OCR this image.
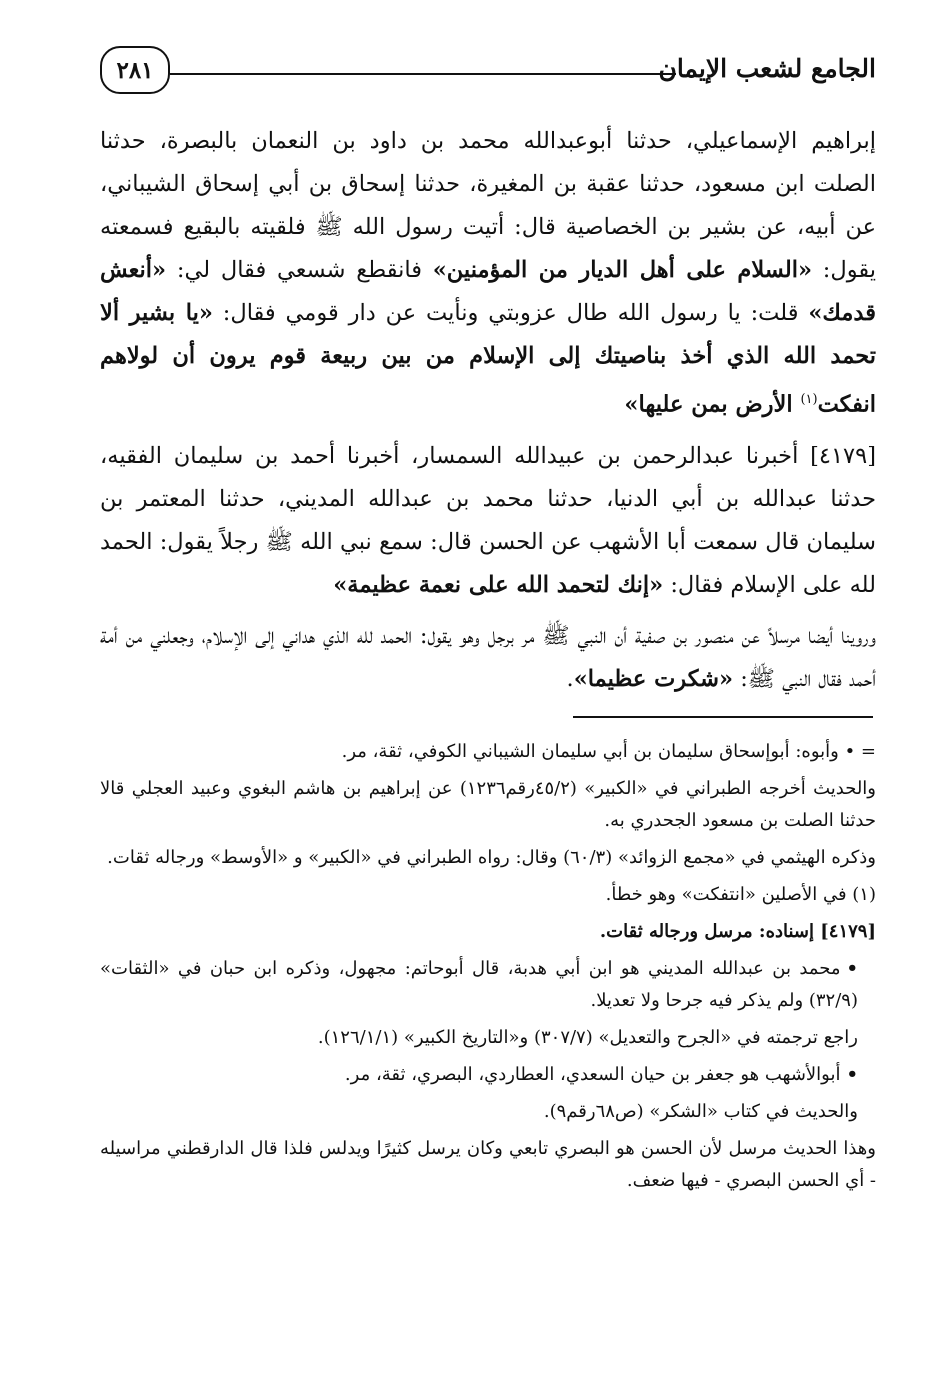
الجامع لشعب الإيمان
٢٨١

إبراهيم الإسماعيلي، حدثنا أبوعبدالله محمد بن داود بن النعمان بالبصرة، حدثنا الصلت ابن مسعود، حدثنا عقبة بن المغيرة، حدثنا إسحاق بن أبي إسحاق الشيباني، عن أبيه، عن بشير بن الخصاصية قال: أتيت رسول الله ﷺ فلقيته بالبقيع فسمعته يقول: «السلام على أهل الديار من المؤمنين» فانقطع شسعي فقال لي: «أنعش قدمك» قلت: يا رسول الله طال عزوبتي ونأيت عن دار قومي فقال: «يا بشير ألا تحمد الله الذي أخذ بناصيتك إلى الإسلام من بين ربيعة قوم يرون أن لولاهم انفكت$^{(١)}$ الأرض بمن عليها»

[٤١٧٩] أخبرنا عبدالرحمن بن عبيدالله السمسار، أخبرنا أحمد بن سليمان الفقيه، حدثنا عبدالله بن أبي الدنيا، حدثنا محمد بن عبدالله المديني، حدثنا المعتمر بن سليمان قال سمعت أبا الأشهب عن الحسن قال: سمع نبي الله ﷺ رجلاً يقول: الحمد لله على الإسلام فقال: «إنك لتحمد الله على نعمة عظيمة»

وروينا أيضا مرسلاً عن منصور بن صفية أن النبي ﷺ مر برجل وهو يقول: الحمد لله الذي هداني إلى الإسلام، وجعلني من أمة أحمد فقال النبي ﷺ: «شكرت عظيما».

= • وأبوه: أبوإسحاق سليمان بن أبي سليمان الشيباني الكوفي، ثقة، مر.

والحديث أخرجه الطبراني في «الكبير» (٤٥/٢رقم١٢٣٦) عن إبراهيم بن هاشم البغوي وعبيد العجلي قالا حدثنا الصلت بن مسعود الجحدري به.

وذكره الهيثمي في «مجمع الزوائد» (٦٠/٣) وقال: رواه الطبراني في «الكبير» و «الأوسط» ورجاله ثقات.

(١) في الأصلين «انتفكت» وهو خطأ.

[٤١٧٩] إسناده: مرسل ورجاله ثقات.

•محمد بن عبدالله المديني هو ابن أبي هدبة، قال أبوحاتم: مجهول، وذكره ابن حبان في «الثقات» (٣٢/٩) ولم يذكر فيه جرحا ولا تعديلا.

راجع ترجمته في «الجرح والتعديل» (٣٠٧/٧) و«التاريخ الكبير» (١٢٦/١/١).

•أبوالأشهب هو جعفر بن حيان السعدي، العطاردي، البصري، ثقة، مر.

والحديث في كتاب «الشكر» (ص٦٨رقم٩).

وهذا الحديث مرسل لأن الحسن هو البصري تابعي وكان يرسل كثيرًا ويدلس فلذا قال الدارقطني مراسيله - أي الحسن البصري - فيها ضعف.
